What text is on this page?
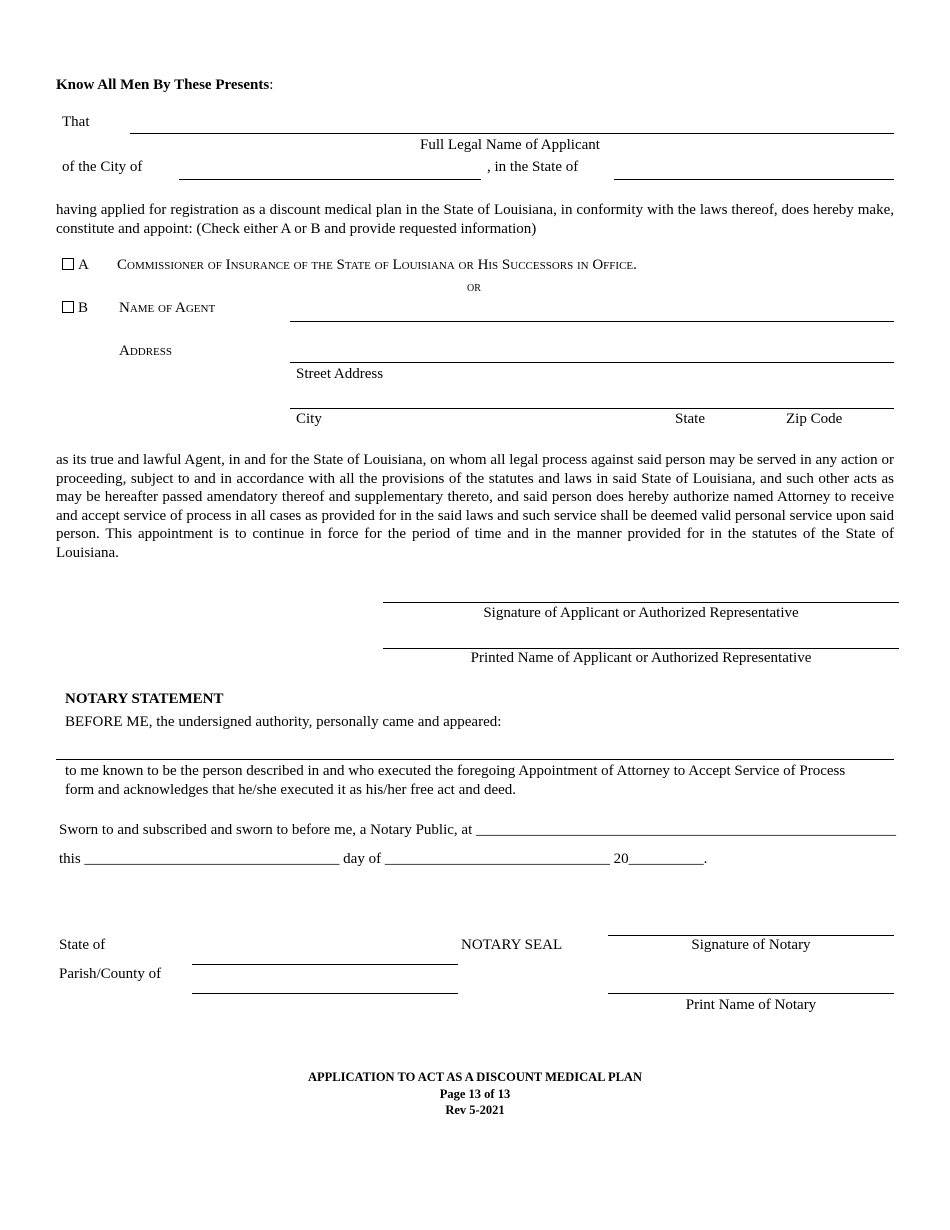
Know All Men By These Presents:
That
Full Legal Name of Applicant
of the City of	, in the State of
having applied for registration as a discount medical plan in the State of Louisiana, in conformity with the laws thereof, does hereby make, constitute and appoint: (Check either A or B and provide requested information)
A Commissioner of Insurance of the State of Louisiana or His Successors in Office.
or
B Name of Agent
Address
Street Address
City	State	Zip Code
as its true and lawful Agent, in and for the State of Louisiana, on whom all legal process against said person may be served in any action or proceeding, subject to and in accordance with all the provisions of the statutes and laws in said State of Louisiana, and such other acts as may be hereafter passed amendatory thereof and supplementary thereto, and said person does hereby authorize named Attorney to receive and accept service of process in all cases as provided for in the said laws and such service shall be deemed valid personal service upon said person. This appointment is to continue in force for the period of time and in the manner provided for in the statutes of the State of Louisiana.
Signature of Applicant or Authorized Representative
Printed Name of Applicant or Authorized Representative
NOTARY STATEMENT
BEFORE ME, the undersigned authority, personally came and appeared:
to me known to be the person described in and who executed the foregoing Appointment of Attorney to Accept Service of Process form and acknowledges that he/she executed it as his/her free act and deed.
Sworn to and subscribed and sworn to before me, a Notary Public, at ________________________________________________________
this __________________________________ day of ______________________________ 20__________.
State of
Parish/County of
NOTARY SEAL	Signature of Notary
Print Name of Notary
APPLICATION TO ACT AS A DISCOUNT MEDICAL PLAN
Page 13 of 13
Rev 5-2021
